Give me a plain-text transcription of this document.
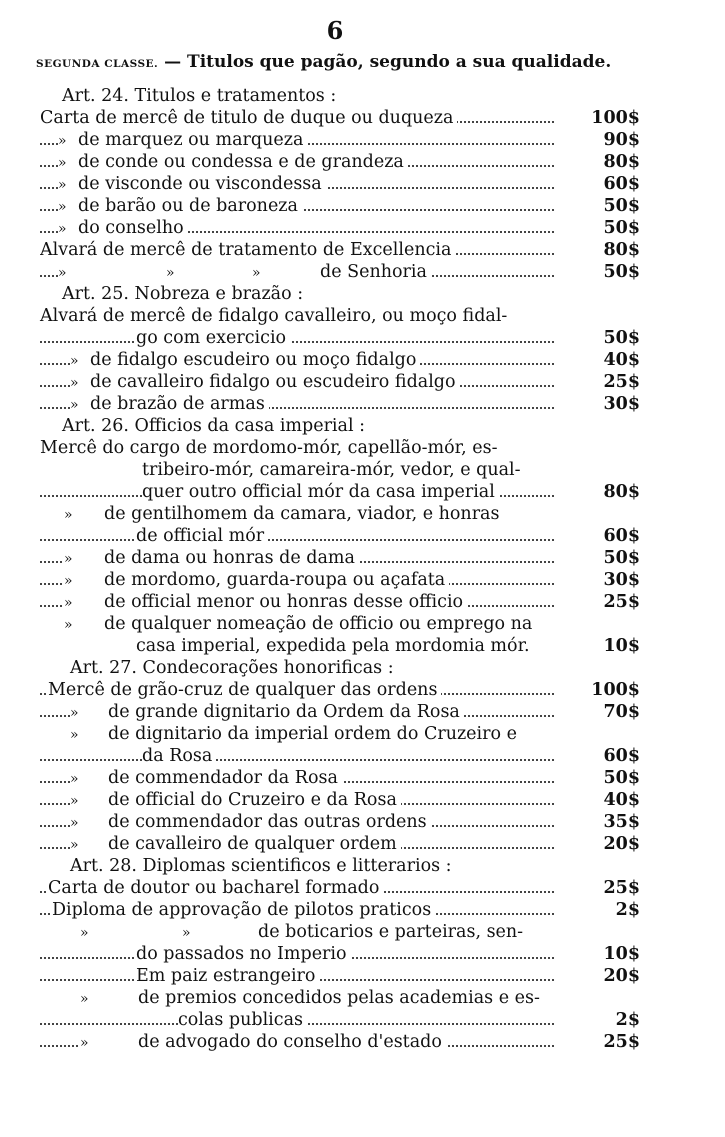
6
SEGUNDA CLASSE. — Titulos que pagão, segundo a sua qualidade.
Art. 24. Titulos e tratamentos :
Carta de mercê de titulo de duque ou duqueza	100$
» de marquez ou marqueza	90$
» de conde ou condessa e de grandeza	80$
» de visconde ou viscondessa	60$
» de barão ou de baroneza	50$
» do conselho	50$
Alvará de mercê de tratamento de Excellencia	80$
»	»	»	de Senhoria	50$
Art. 25. Nobreza e brazão :
Alvará de mercê de fidalgo cavalleiro, ou moço fidal-
go com exercicio	50$
» de fidalgo escudeiro ou moço fidalgo	40$
» de cavalleiro fidalgo ou escudeiro fidalgo	25$
» de brazão de armas	30$
Art. 26. Officios da casa imperial :
Mercê do cargo de mordomo-mór, capellão-mór, es-
tribeiro-mór, camareira-mór, vedor, e qual-
quer outro official mór da casa imperial	80$
» de gentilhomem da camara, viador, e honras
de official mór	60$
» de dama ou honras de dama	50$
» de mordomo, guarda-roupa ou açafata	30$
» de official menor ou honras desse officio	25$
» de qualquer nomeação de officio ou emprego na
casa imperial, expedida pela mordomia mór.	10$
Art. 27. Condecorações honorificas :
Mercê de grão-cruz de qualquer das ordens	100$
» de grande dignitario da Ordem da Rosa	70$
» de dignitario da imperial ordem do Cruzeiro e
da Rosa	60$
» de commendador da Rosa	50$
» de official do Cruzeiro e da Rosa	40$
» de commendador das outras ordens	35$
» de cavalleiro de qualquer ordem	20$
Art. 28. Diplomas scientificos e litterarios :
Carta de doutor ou bacharel formado	25$
Diploma de approvação de pilotos praticos	2$
»	»	de boticarios e parteiras, sen-
do passados no Imperio	10$
Em paiz estrangeiro	20$
»	de premios concedidos pelas academias e es-
colas publicas	2$
»	de advogado do conselho d'estado	25$
